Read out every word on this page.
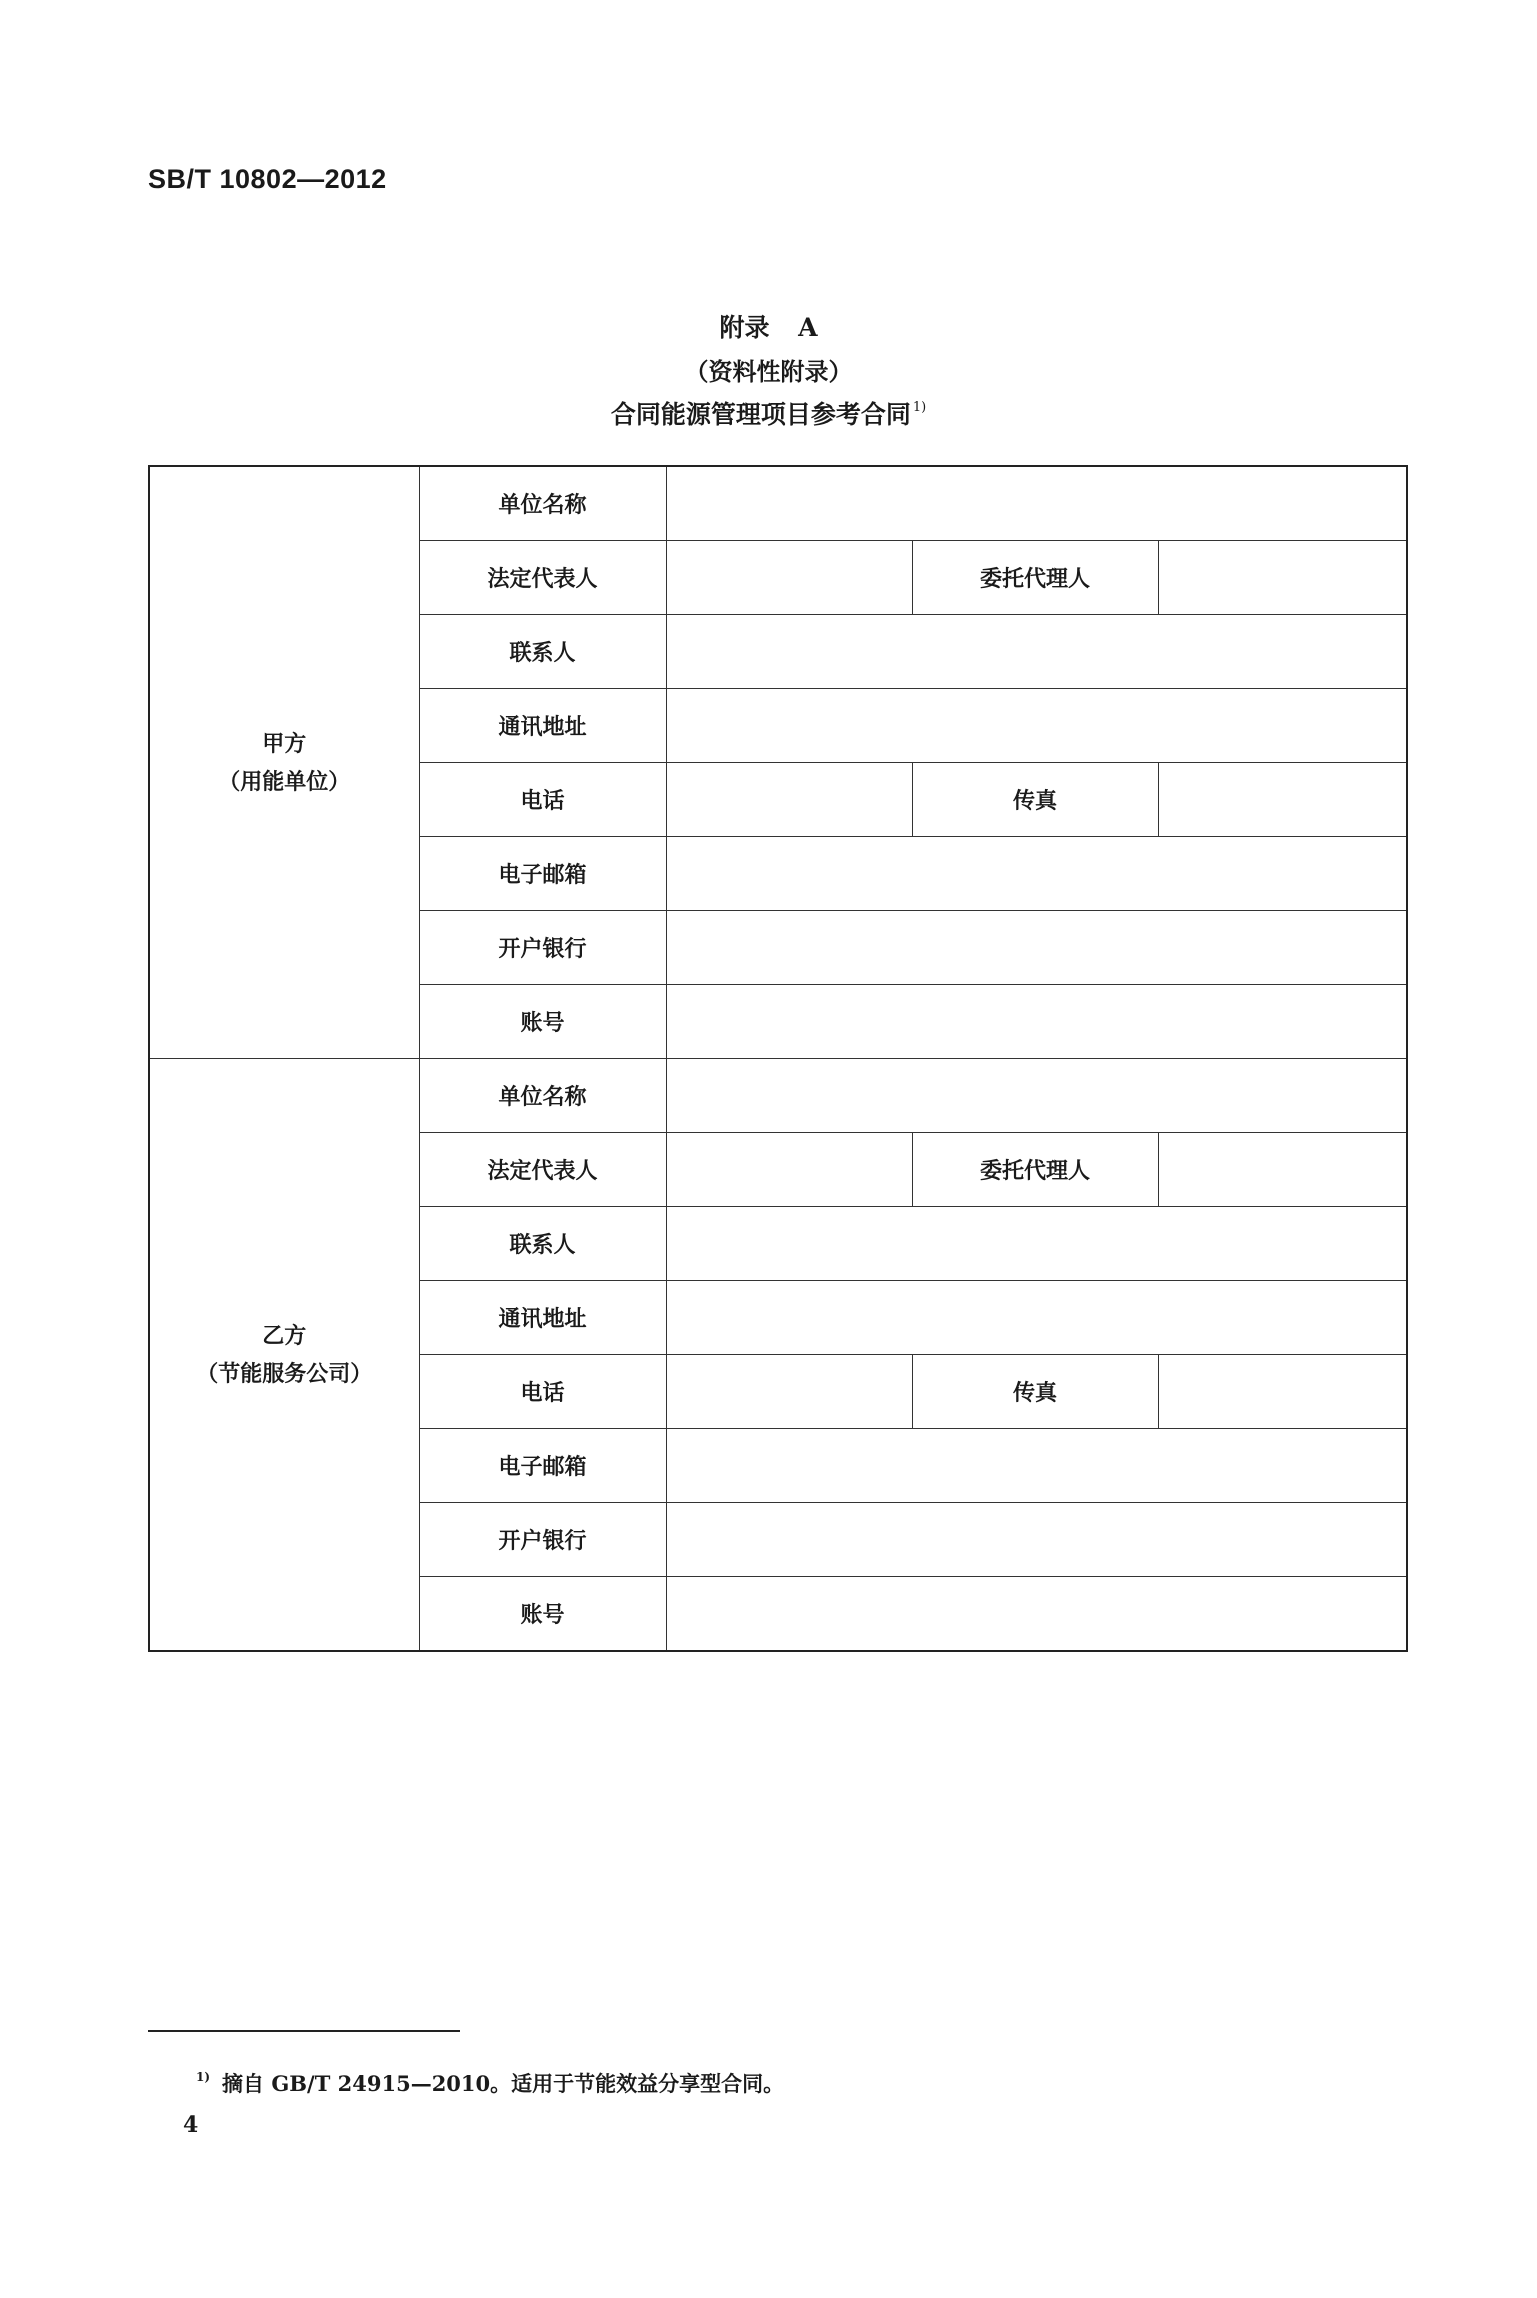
SB/T 10802—2012
附录 A
（资料性附录）
合同能源管理项目参考合同 $^{1)}$
甲方
（用能单位）	单位名称			
	法定代表人		委托代理人	
	联系人			
	通讯地址			
	电话		传真	
	电子邮箱			
	开户银行			
	账号			

乙方
（节能服务公司）	单位名称			
	法定代表人		委托代理人	
	联系人			
	通讯地址			
	电话		传真	
	电子邮箱			
	开户银行			
	账号			
$^{1)}$ 摘自 GB/T 24915—2010。适用于节能效益分享型合同。
4
